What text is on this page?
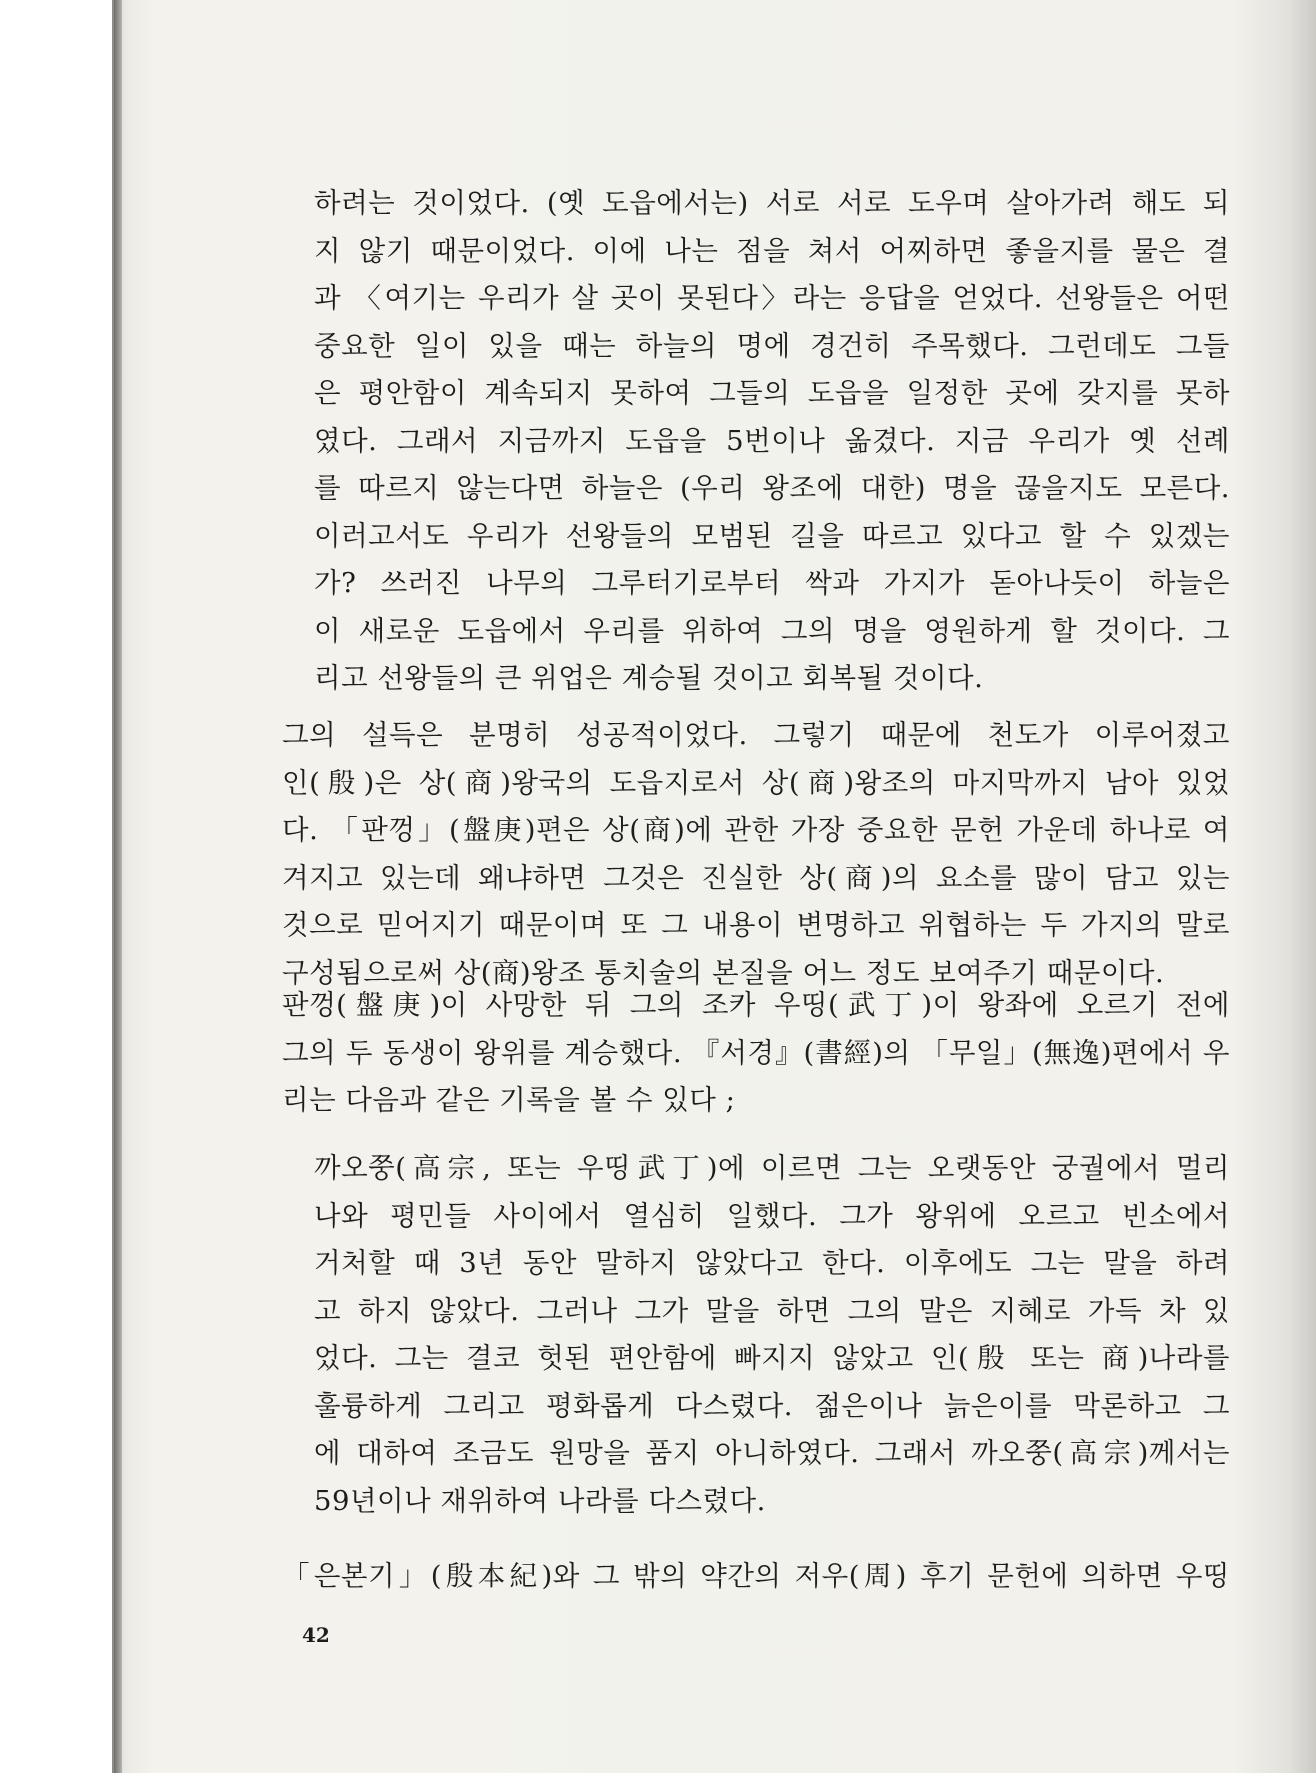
하려는 것이었다. (옛 도읍에서는) 서로 서로 도우며 살아가려 해도 되
지 않기 때문이었다. 이에 나는 점을 쳐서 어찌하면 좋을지를 물은 결
과 〈여기는 우리가 살 곳이 못된다〉라는 응답을 얻었다. 선왕들은 어떤
중요한 일이 있을 때는 하늘의 명에 경건히 주목했다. 그런데도 그들
은 평안함이 계속되지 못하여 그들의 도읍을 일정한 곳에 갖지를 못하
였다. 그래서 지금까지 도읍을 5번이나 옮겼다. 지금 우리가 옛 선례
를 따르지 않는다면 하늘은 (우리 왕조에 대한) 명을 끊을지도 모른다.
이러고서도 우리가 선왕들의 모범된 길을 따르고 있다고 할 수 있겠는
가? 쓰러진 나무의 그루터기로부터 싹과 가지가 돋아나듯이 하늘은
이 새로운 도읍에서 우리를 위하여 그의 명을 영원하게 할 것이다. 그
리고 선왕들의 큰 위업은 계승될 것이고 회복될 것이다.

그의 설득은 분명히 성공적이었다. 그렇기 때문에 천도가 이루어졌고
인(殷)은 상(商)왕국의 도읍지로서 상(商)왕조의 마지막까지 남아 있었
다. 「판껑」(盤庚)편은 상(商)에 관한 가장 중요한 문헌 가운데 하나로 여
겨지고 있는데 왜냐하면 그것은 진실한 상(商)의 요소를 많이 담고 있는
것으로 믿어지기 때문이며 또 그 내용이 변명하고 위협하는 두 가지의 말로
구성됨으로써 상(商)왕조 통치술의 본질을 어느 정도 보여주기 때문이다.

판껑(盤庚)이 사망한 뒤 그의 조카 우띵(武丁)이 왕좌에 오르기 전에
그의 두 동생이 왕위를 계승했다. 『서경』(書經)의 「무일」(無逸)편에서 우
리는 다음과 같은 기록을 볼 수 있다 ;

까오쭝(高宗, 또는 우띵武丁)에 이르면 그는 오랫동안 궁궐에서 멀리
나와 평민들 사이에서 열심히 일했다. 그가 왕위에 오르고 빈소에서
거처할 때 3년 동안 말하지 않았다고 한다. 이후에도 그는 말을 하려
고 하지 않았다. 그러나 그가 말을 하면 그의 말은 지혜로 가득 차 있
었다. 그는 결코 헛된 편안함에 빠지지 않았고 인(殷 또는 商)나라를
훌륭하게 그리고 평화롭게 다스렸다. 젊은이나 늙은이를 막론하고 그
에 대하여 조금도 원망을 품지 아니하였다. 그래서 까오쭝(高宗)께서는
59년이나 재위하여 나라를 다스렸다.

「은본기」(殷本紀)와 그 밖의 약간의 저우(周) 후기 문헌에 의하면 우띵

42
